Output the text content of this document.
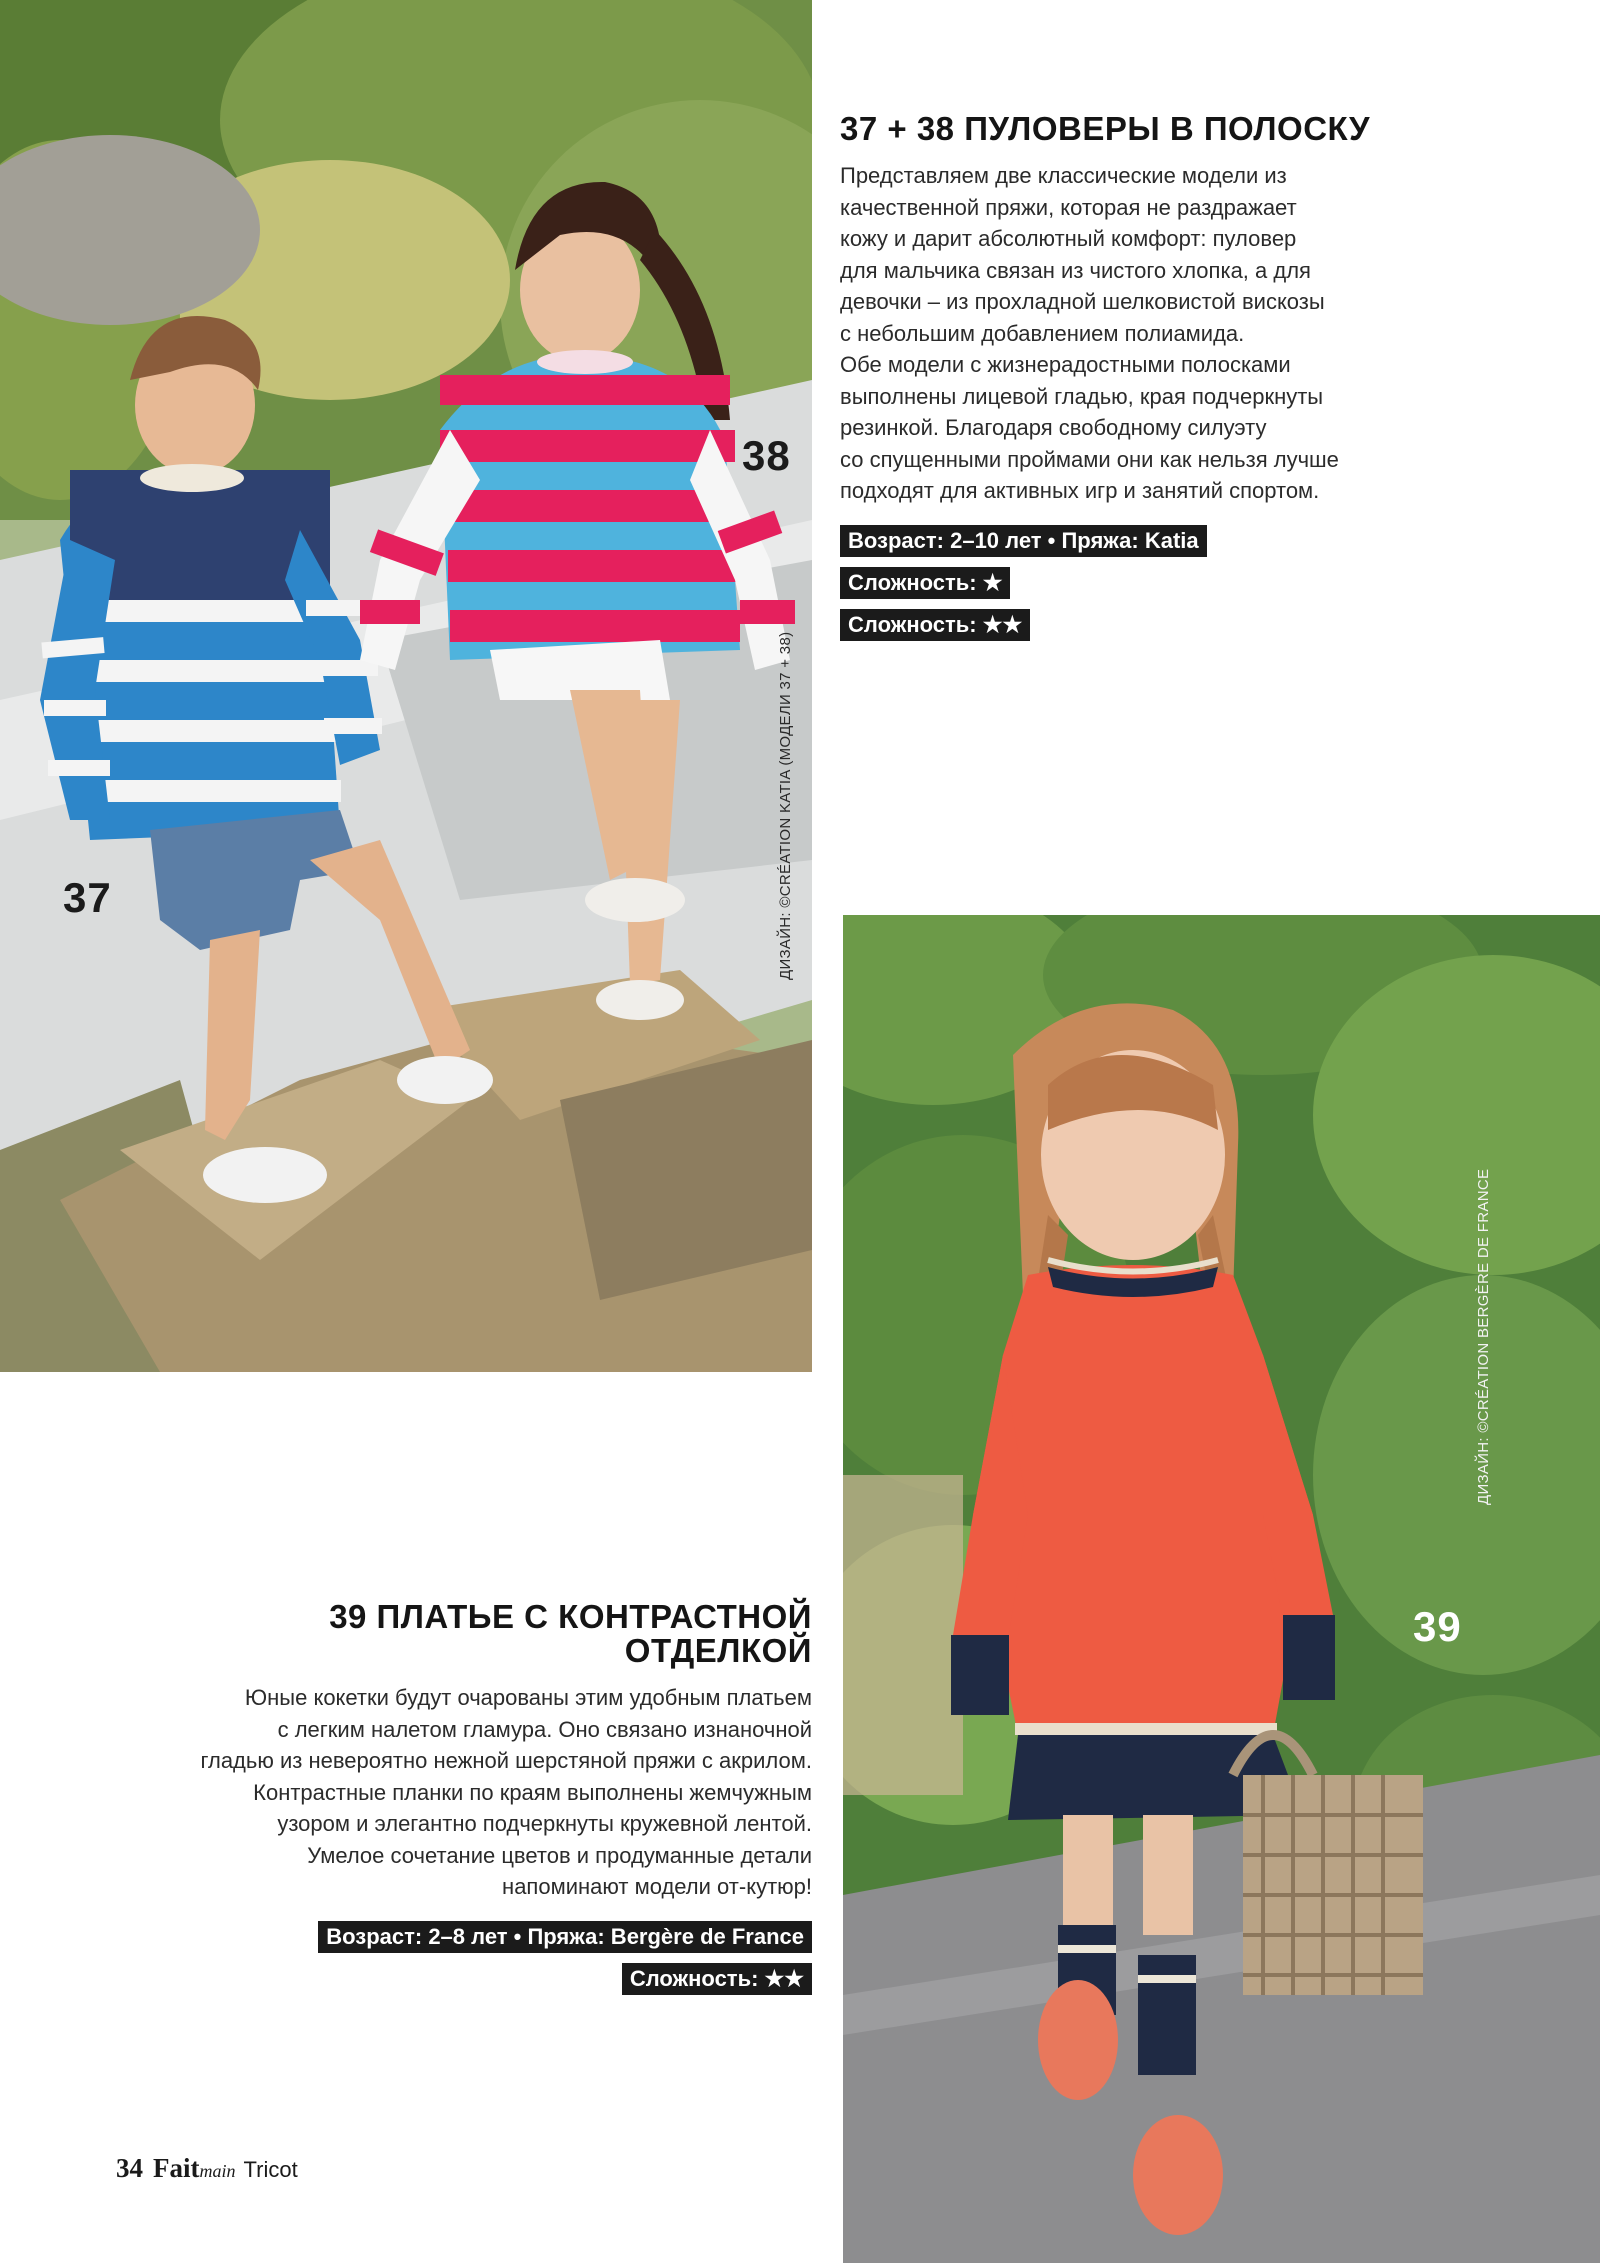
38
37	ДИЗАЙН: ©CRÉATION KATIA (МОДЕЛИ 37 + 38)
37 + 38 ПУЛОВЕРЫ В ПОЛОСКУ
Представляем две классические модели из
качественной пряжи, которая не раздражает
кожу и дарит абсолютный комфорт: пуловер
для мальчика связан из чистого хлопка, а для
девочки – из прохладной шелковистой вискозы
с небольшим добавлением полиамида.
Обе модели с жизнерадостными полосками
выполнены лицевой гладью, края подчеркнуты
резинкой. Благодаря свободному силуэту
со спущенными проймами они как нельзя лучше
подходят для активных игр и занятий спортом.
Возраст: 2–10 лет • Пряжа: Katia
Сложность: ★
Сложность: ★★
39
ДИЗАЙН: ©CRÉATION BERGÈRE DE FRANCE
39 ПЛАТЬЕ С КОНТРАСТНОЙ
ОТДЕЛКОЙ
Юные кокетки будут очарованы этим удобным платьем
с легким налетом гламура. Оно связано изнаночной
гладью из невероятно нежной шерстяной пряжи с акрилом.
Контрастные планки по краям выполнены жемчужным
узором и элегантно подчеркнуты кружевной лентой.
Умелое сочетание цветов и продуманные детали
напоминают модели от-кутюр!
Возраст: 2–8 лет • Пряжа: Bergère de France
Сложность: ★★
34 Faitmain Tricot
